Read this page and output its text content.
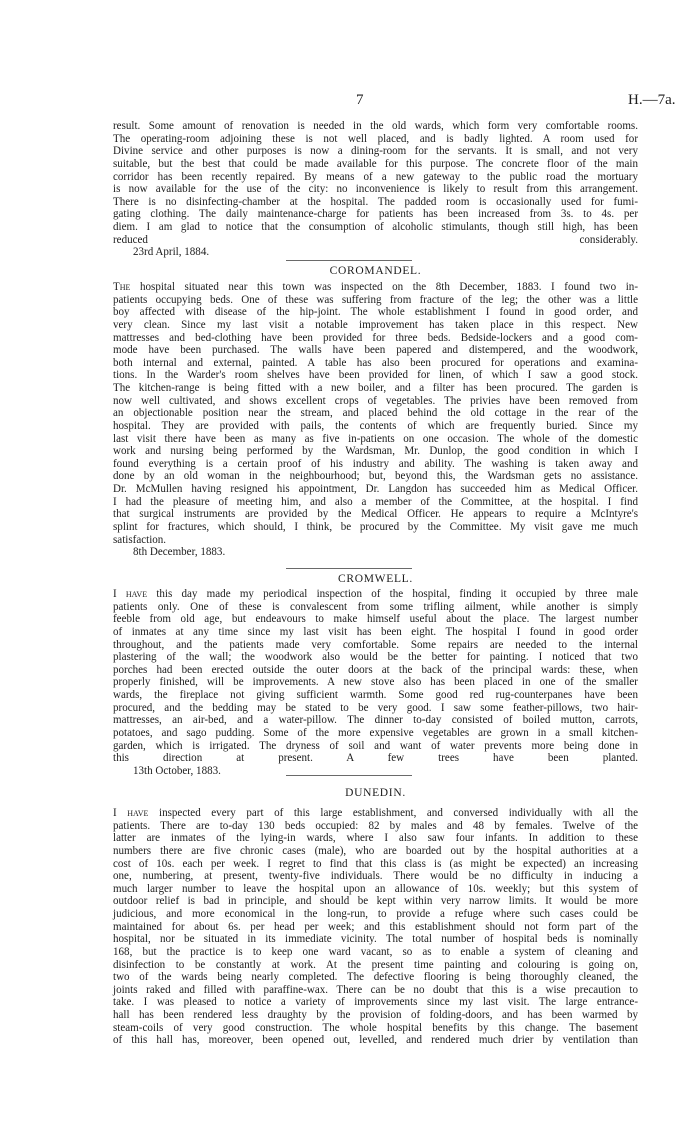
7	H.—7a.

result. Some amount of renovation is needed in the old wards, which form very comfortable rooms.
The operating-room adjoining these is not well placed, and is badly lighted. A room used for
Divine service and other purposes is now a dining-room for the servants. It is small, and not very
suitable, but the best that could be made available for this purpose. The concrete floor of the main
corridor has been recently repaired. By means of a new gateway to the public road the mortuary
is now available for the use of the city: no inconvenience is likely to result from this arrangement.
There is no disinfecting-chamber at the hospital. The padded room is occasionally used for fumi-
gating clothing. The daily maintenance-charge for patients has been increased from 3s. to 4s. per
diem. I am glad to notice that the consumption of alcoholic stimulants, though still high, has been
reduced considerably.

23rd April, 1884.

COROMANDEL.

The hospital situated near this town was inspected on the 8th December, 1883. I found two in-
patients occupying beds. One of these was suffering from fracture of the leg; the other was a little
boy affected with disease of the hip-joint. The whole establishment I found in good order, and
very clean. Since my last visit a notable improvement has taken place in this respect. New
mattresses and bed-clothing have been provided for three beds. Bedside-lockers and a good com-
mode have been purchased. The walls have been papered and distempered, and the woodwork,
both internal and external, painted. A table has also been procured for operations and examina-
tions. In the Warder's room shelves have been provided for linen, of which I saw a good stock.
The kitchen-range is being fitted with a new boiler, and a filter has been procured. The garden is
now well cultivated, and shows excellent crops of vegetables. The privies have been removed from
an objectionable position near the stream, and placed behind the old cottage in the rear of the
hospital. They are provided with pails, the contents of which are frequently buried. Since my
last visit there have been as many as five in-patients on one occasion. The whole of the domestic
work and nursing being performed by the Wardsman, Mr. Dunlop, the good condition in which I
found everything is a certain proof of his industry and ability. The washing is taken away and
done by an old woman in the neighbourhood; but, beyond this, the Wardsman gets no assistance.
Dr. McMullen having resigned his appointment, Dr. Langdon has succeeded him as Medical Officer.
I had the pleasure of meeting him, and also a member of the Committee, at the hospital. I find
that surgical instruments are provided by the Medical Officer. He appears to require a McIntyre's
splint for fractures, which should, I think, be procured by the Committee. My visit gave me much
satisfaction.

8th December, 1883.

CROMWELL.

I have this day made my periodical inspection of the hospital, finding it occupied by three male
patients only. One of these is convalescent from some trifling ailment, while another is simply
feeble from old age, but endeavours to make himself useful about the place. The largest number
of inmates at any time since my last visit has been eight. The hospital I found in good order
throughout, and the patients made very comfortable. Some repairs are needed to the internal
plastering of the wall; the woodwork also would be the better for painting. I noticed that two
porches had been erected outside the outer doors at the back of the principal wards: these, when
properly finished, will be improvements. A new stove also has been placed in one of the smaller
wards, the fireplace not giving sufficient warmth. Some good red rug-counterpanes have been
procured, and the bedding may be stated to be very good. I saw some feather-pillows, two hair-
mattresses, an air-bed, and a water-pillow. The dinner to-day consisted of boiled mutton, carrots,
potatoes, and sago pudding. Some of the more expensive vegetables are grown in a small kitchen-
garden, which is irrigated. The dryness of soil and want of water prevents more being done in
this direction at present. A few trees have been planted.

13th October, 1883.

DUNEDIN.

I have inspected every part of this large establishment, and conversed individually with all the
patients. There are to-day 130 beds occupied: 82 by males and 48 by females. Twelve of the
latter are inmates of the lying-in wards, where I also saw four infants. In addition to these
numbers there are five chronic cases (male), who are boarded out by the hospital authorities at a
cost of 10s. each per week. I regret to find that this class is (as might be expected) an increasing
one, numbering, at present, twenty-five individuals. There would be no difficulty in inducing a
much larger number to leave the hospital upon an allowance of 10s. weekly; but this system of
outdoor relief is bad in principle, and should be kept within very narrow limits. It would be more
judicious, and more economical in the long-run, to provide a refuge where such cases could be
maintained for about 6s. per head per week; and this establishment should not form part of the
hospital, nor be situated in its immediate vicinity. The total number of hospital beds is nominally
168, but the practice is to keep one ward vacant, so as to enable a system of cleaning and
disinfection to be constantly at work. At the present time painting and colouring is going on,
two of the wards being nearly completed. The defective flooring is being thoroughly cleaned, the
joints raked and filled with paraffine-wax. There can be no doubt that this is a wise precaution to
take. I was pleased to notice a variety of improvements since my last visit. The large entrance-
hall has been rendered less draughty by the provision of folding-doors, and has been warmed by
steam-coils of very good construction. The whole hospital benefits by this change. The basement
of this hall has, moreover, been opened out, levelled, and rendered much drier by ventilation than
